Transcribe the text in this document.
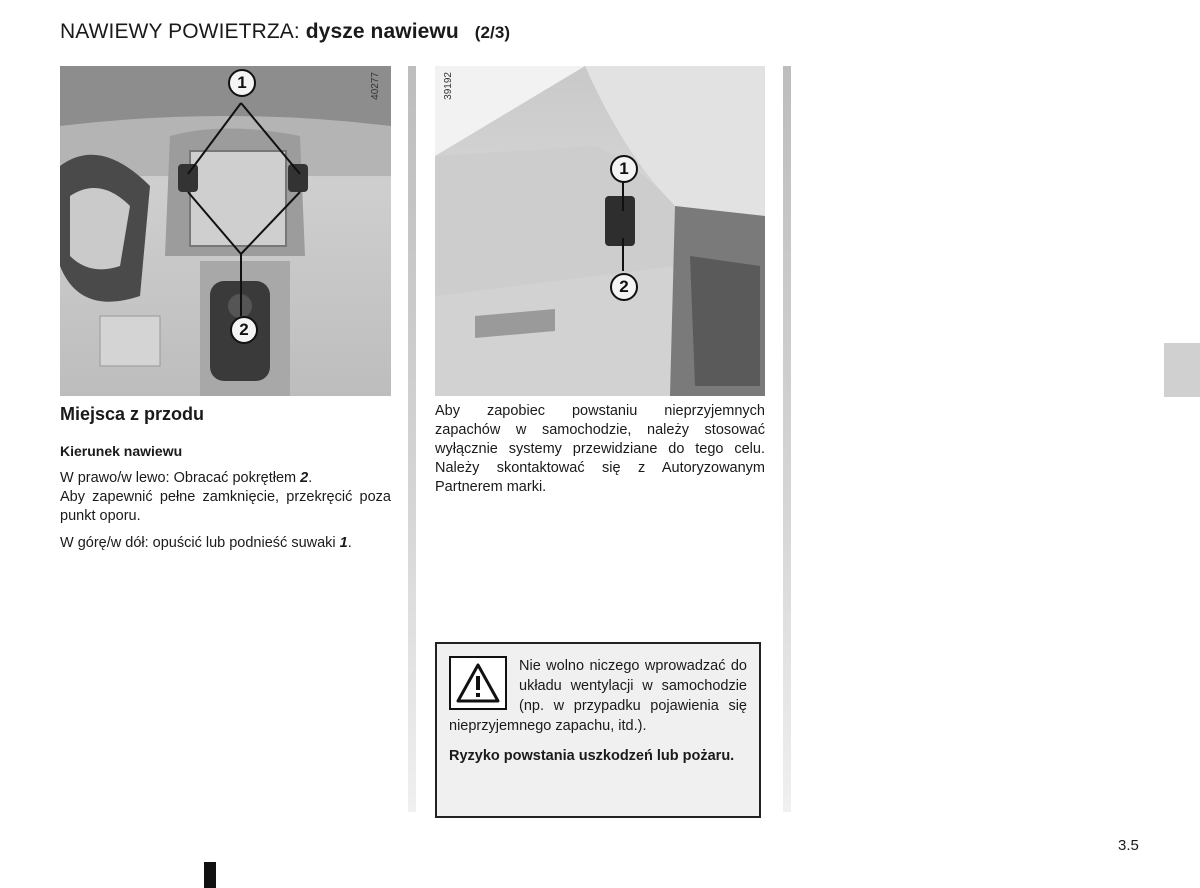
NAWIEWY POWIETRZA: dysze nawiewu (2/3)
1
2
40277
Miejsca z przodu
Kierunek nawiewu

W prawo/w lewo: Obracać pokrętłem 2.
Aby zapewnić pełne zamknięcie, przekręcić poza punkt oporu.

W górę/w dół: opuścić lub podnieść suwaki 1.

1
2
39192

Aby zapobiec powstaniu nieprzyjemnych zapachów w samochodzie, należy stosować wyłącznie systemy przewidziane do tego celu. Należy skontaktować się z Autoryzowanym Partnerem marki.

Nie wolno niczego wprowadzać do układu wentylacji w samochodzie (np. w przypadku pojawienia się nieprzyjemnego zapachu, itd.).

Ryzyko powstania uszkodzeń lub pożaru.

3.5
